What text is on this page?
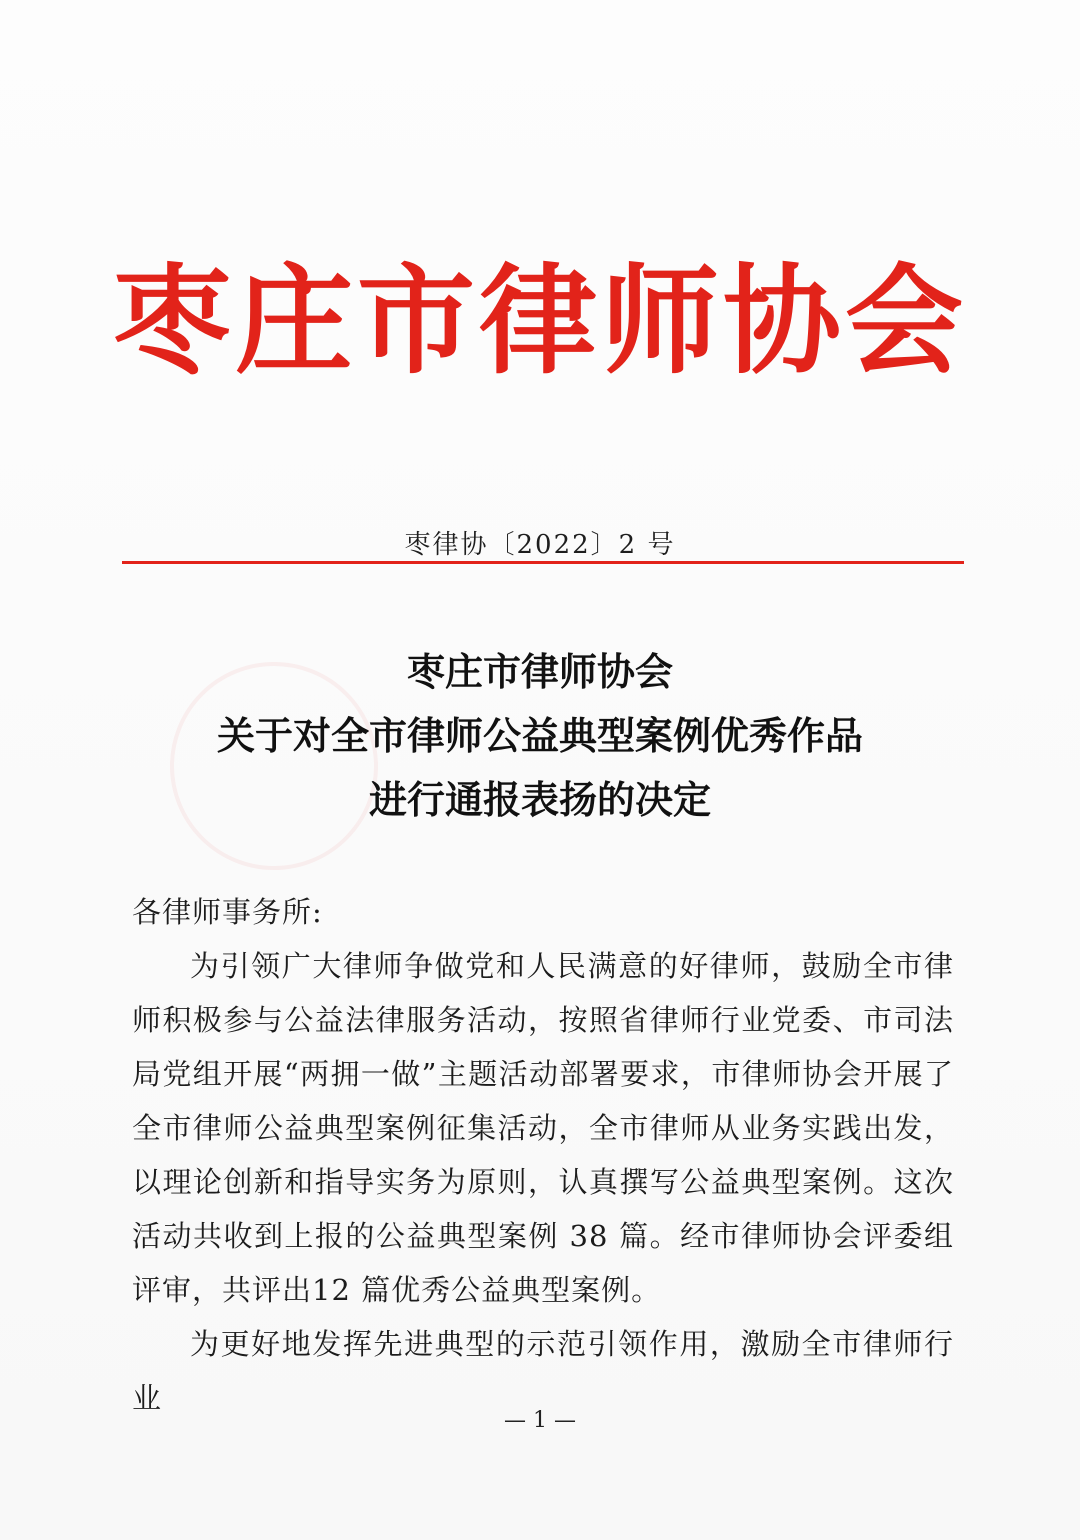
枣庄市律师协会
枣律协〔2022〕2 号
枣庄市律师协会
关于对全市律师公益典型案例优秀作品
进行通报表扬的决定
各律师事务所:
为引领广大律师争做党和人民满意的好律师，鼓励全市律师积极参与公益法律服务活动，按照省律师行业党委、市司法局党组开展“两拥一做”主题活动部署要求，市律师协会开展了全市律师公益典型案例征集活动，全市律师从业务实践出发，以理论创新和指导实务为原则，认真撰写公益典型案例。这次活动共收到上报的公益典型案例 38 篇。经市律师协会评委组评审，共评出12 篇优秀公益典型案例。
为更好地发挥先进典型的示范引领作用，激励全市律师行业
— 1 —
